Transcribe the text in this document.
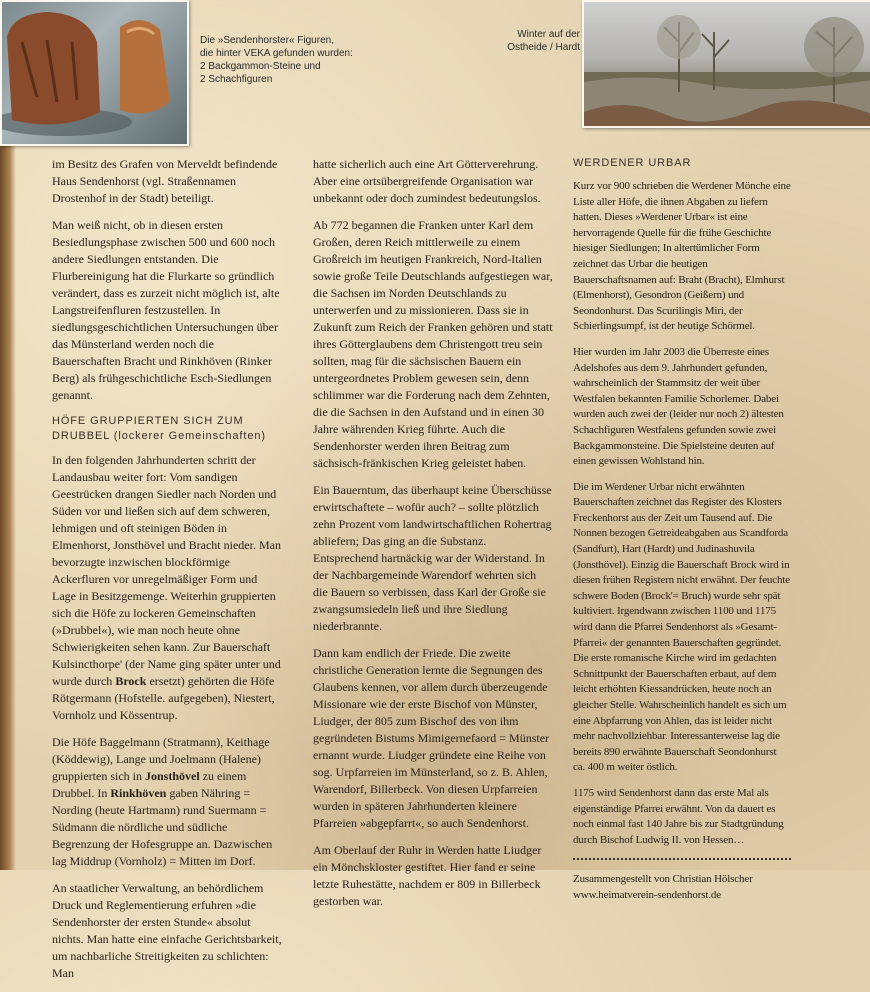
Die »Sendenhorster« Figuren,
die hinter VEKA gefunden wurden:
2 Backgammon-Steine und
2 Schachfiguren
Winter auf der
Ostheide / Hardt

im Besitz des Grafen von Merveldt befindende Haus Sendenhorst (vgl. Straßennamen Drostenhof in der Stadt) beteiligt.

Man weiß nicht, ob in diesen ersten Besiedlungsphase zwischen 500 und 600 noch andere Siedlungen entstanden. Die Flurbereinigung hat die Flurkarte so gründlich verändert, dass es zurzeit nicht möglich ist, alte Langstreifenfluren festzustellen. In siedlungsgeschichtlichen Untersuchungen über das Münsterland werden noch die Bauerschaften Bracht und Rinkhöven (Rinker Berg) als frühgeschichtliche Esch-Siedlungen genannt.

HÖFE GRUPPIERTEN SICH ZUM DRUBBEL (lockerer Gemeinschaften)

In den folgenden Jahrhunderten schritt der Landausbau weiter fort: Vom sandigen Geestrücken drangen Siedler nach Norden und Süden vor und ließen sich auf dem schweren, lehmigen und oft steinigen Böden in Elmenhorst, Jonsthövel und Bracht nieder. Man bevorzugte inzwischen blockförmige Ackerfluren vor unregelmäßiger Form und Lage in Besitzgemenge. Weiterhin gruppierten sich die Höfe zu lockeren Gemeinschaften (»Drubbel«), wie man noch heute ohne Schwierigkeiten sehen kann. Zur Bauerschaft Kulsincthorpe' (der Name ging später unter und wurde durch Brock ersetzt) gehörten die Höfe Rötgermann (Hofstelle. aufgegeben), Niestert, Vornholz und Kössentrup.

Die Höfe Baggelmann (Stratmann), Keithage (Köddewig), Lange und Joelmann (Halene) gruppierten sich in Jonsthövel zu einem Drubbel. In Rinkhöven gaben Nähring = Nording (heute Hartmann) rund Suermann = Südmann die nördliche und südliche Begrenzung der Hofesgruppe an. Dazwischen lag Middrup (Vornholz) = Mitten im Dorf.

An staatlicher Verwaltung, an behördlichem Druck und Reglementierung erfuhren »die Sendenhorster der ersten Stunde« absolut nichts. Man hatte eine einfache Gerichtsbarkeit, um nachbarliche Streitigkeiten zu schlichten: Man

hatte sicherlich auch eine Art Götterverehrung. Aber eine ortsübergreifende Organisation war unbekannt oder doch zumindest bedeutungslos.

Ab 772 begannen die Franken unter Karl dem Großen, deren Reich mittlerweile zu einem Großreich im heutigen Frankreich, Nord-Italien sowie große Teile Deutschlands aufgestiegen war, die Sachsen im Norden Deutschlands zu unterwerfen und zu missionieren. Dass sie in Zukunft zum Reich der Franken gehören und statt ihres Götterglaubens dem Christengott treu sein sollten, mag für die sächsischen Bauern ein untergeordnetes Problem gewesen sein, denn schlimmer war die Forderung nach dem Zehnten, die die Sachsen in den Aufstand und in einen 30 Jahre währenden Krieg führte. Auch die Sendenhorster werden ihren Beitrag zum sächsisch-fränkischen Krieg geleistet haben.

Ein Bauerntum, das überhaupt keine Überschüsse erwirtschaftete – wofür auch? – sollte plötzlich zehn Prozent vom landwirtschaftlichen Rohertrag abliefern; Das ging an die Substanz. Entsprechend hartnäckig war der Widerstand. In der Nachbargemeinde Warendorf wehrten sich die Bauern so verbissen, dass Karl der Große sie zwangsumsiedeln ließ und ihre Siedlung niederbrannte.

Dann kam endlich der Friede. Die zweite christliche Generation lernte die Segnungen des Glaubens kennen, vor allem durch überzeugende Missionare wie der erste Bischof von Münster, Liudger, der 805 zum Bischof des von ihm gegründeten Bistums Mimigernefaord = Münster ernannt wurde. Liudger gründete eine Reihe von sog. Urpfarreien im Münsterland, so z. B. Ahlen, Warendorf, Billerbeck. Von diesen Urpfarreien wurden in späteren Jahrhunderten kleinere Pfarreien »abgepfarrt«, so auch Sendenhorst.

Am Oberlauf der Ruhr in Werden hatte Liudger ein Mönchskloster gestiftet. Hier fand er seine letzte Ruhestätte, nachdem er 809 in Billerbeck gestorben war.

WERDENER URBAR

Kurz vor 900 schrieben die Werdener Mönche eine Liste aller Höfe, die ihnen Abgaben zu liefern hatten. Dieses »Werdener Urbar« ist eine hervorragende Quelle für die frühe Geschichte hiesiger Siedlungen; In altertümlicher Form zeichnet das Urbar die heutigen Bauerschaftsnamen auf: Braht (Bracht), Elmhurst (Elmenhorst), Gesondron (Geißern) und Seondonhurst. Das Scurilingis Miri, der Schierlingsumpf, ist der heutige Schörmel.

Hier wurden im Jahr 2003 die Überreste eines Adelshofes aus dem 9. Jahrhundert gefunden, wahrscheinlich der Stammsitz der weit über Westfalen bekannten Familie Schorlemer. Dabei wurden auch zwei der (leider nur noch 2) ältesten Schachfiguren Westfalens gefunden sowie zwei Backgammonsteine. Die Spielsteine deuten auf einen gewissen Wohlstand hin.

Die im Werdener Urbar nicht erwähnten Bauerschaften zeichnet das Register des Klosters Freckenhorst aus der Zeit um Tausend auf. Die Nonnen bezogen Getreideabgaben aus Scandforda (Sandfurt), Hart (Hardt) und Judinashuvila (Jonsthövel). Einzig die Bauerschaft Brock wird in diesen frühen Registern nicht erwähnt. Der feuchte schwere Boden (Brock'= Bruch) wurde sehr spät kultiviert. Irgendwann zwischen 1100 und 1175 wird dann die Pfarrei Sendenhorst als »Gesamt-Pfarrei« der genannten Bauerschaften gegründet. Die erste romanische Kirche wird im gedachten Schnittpunkt der Bauerschaften erbaut, auf dem leicht erhöhten Kiessandrücken, heute noch an gleicher Stelle. Wahrscheinlich handelt es sich um eine Abpfarrung von Ahlen, das ist leider nicht mehr nachvollziehbar. Interessanterweise lag die bereits 890 erwähnte Bauerschaft Seondonhurst ca. 400 m weiter östlich.

1175 wird Sendenhorst dann das erste Mal als eigenständige Pfarrei erwähnt. Von da dauert es noch einmal fast 140 Jahre bis zur Stadtgründung durch Bischof Ludwig II. von Hessen…

Zusammengestellt von Christian Hölscher
www.heimatverein-sendenhorst.de
